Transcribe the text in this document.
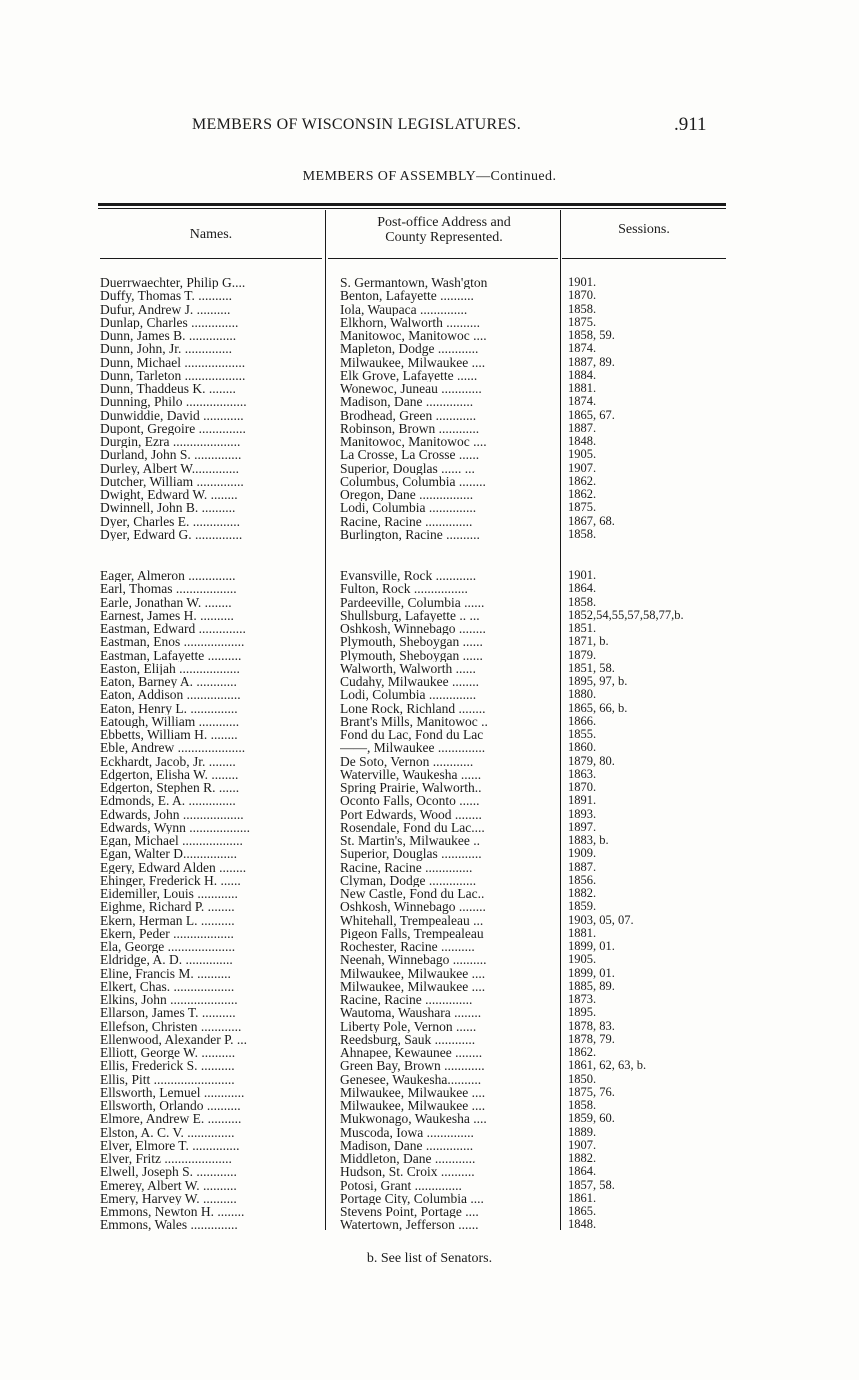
MEMBERS OF WISCONSIN LEGISLATURES.	.911
MEMBERS OF ASSEMBLY—Continued.
Names.
Post-office Address and
County Represented.
Sessions.
Duerrwaechter, Philip G....
Duffy, Thomas T. ..........
Dufur, Andrew J. ..........
Dunlap, Charles ..............
Dunn, James B. ..............
Dunn, John, Jr. ..............
Dunn, Michael ..................
Dunn, Tarleton ..................
Dunn, Thaddeus K. ........
Dunning, Philo ..................
Dunwiddie, David ............
Dupont, Gregoire ..............
Durgin, Ezra ....................
Durland, John S. ..............
Durley, Albert W..............
Dutcher, William ..............
Dwight, Edward W. ........
Dwinnell, John B. ..........
Dyer, Charles E. ..............
Dyer, Edward G. ..............
Eager, Almeron ..............
Earl, Thomas ..................
Earle, Jonathan W. ........
Earnest, James H. ..........
Eastman, Edward ..............
Eastman, Enos ..................
Eastman, Lafayette ..........
Easton, Elijah ..................
Eaton, Barney A. ............
Eaton, Addison ................
Eaton, Henry L. ..............
Eatough, William ............
Ebbetts, William H. ........
Eble, Andrew ....................
Eckhardt, Jacob, Jr. ........
Edgerton, Elisha W. ........
Edgerton, Stephen R. ......
Edmonds, E. A. ..............
Edwards, John ..................
Edwards, Wynn ..................
Egan, Michael ..................
Egan, Walter D................
Egery, Edward Alden ........
Ehinger, Frederick H. ......
Eidemiller, Louis ............
Eighme, Richard P. ........
Ekern, Herman L. ..........
Ekern, Peder ..................
Ela, George ....................
Eldridge, A. D. ..............
Eline, Francis M. ..........
Elkert, Chas. ..................
Elkins, John ....................
Ellarson, James T. ..........
Ellefson, Christen ............
Ellenwood, Alexander P. ...
Elliott, George W. ..........
Ellis, Frederick S. ..........
Ellis, Pitt ........................
Ellsworth, Lemuel ............
Ellsworth, Orlando ..........
Elmore, Andrew E. ..........
Elston, A. C. V. ..............
Elver, Elmore T. ..............
Elver, Fritz ....................
Elwell, Joseph S. ............
Emerey, Albert W. ..........
Emery, Harvey W. ..........
Emmons, Newton H. ........
Emmons, Wales ..............
S. Germantown, Wash'gton
Benton, Lafayette ..........
Iola, Waupaca ..............
Elkhorn, Walworth ..........
Manitowoc, Manitowoc ....
Mapleton, Dodge ............
Milwaukee, Milwaukee ....
Elk Grove, Lafayette ......
Wonewoc, Juneau ............
Madison, Dane ..............
Brodhead, Green ............
Robinson, Brown ............
Manitowoc, Manitowoc ....
La Crosse, La Crosse ......
Superior, Douglas ...... ...
Columbus, Columbia ........
Oregon, Dane ................
Lodi, Columbia ..............
Racine, Racine ..............
Burlington, Racine ..........
Evansville, Rock ............
Fulton, Rock ................
Pardeeville, Columbia ......
Shullsburg, Lafayette .. ...
Oshkosh, Winnebago ........
Plymouth, Sheboygan ......
Plymouth, Sheboygan ......
Walworth, Walworth ......
Cudahy, Milwaukee ........
Lodi, Columbia ..............
Lone Rock, Richland ........
Brant's Mills, Manitowoc ..
Fond du Lac, Fond du Lac
——, Milwaukee ..............
De Soto, Vernon ............
Waterville, Waukesha ......
Spring Prairie, Walworth..
Oconto Falls, Oconto ......
Port Edwards, Wood ........
Rosendale, Fond du Lac....
St. Martin's, Milwaukee ..
Superior, Douglas ............
Racine, Racine ..............
Clyman, Dodge ..............
New Castle, Fond du Lac..
Oshkosh, Winnebago ........
Whitehall, Trempealeau ...
Pigeon Falls, Trempealeau
Rochester, Racine ..........
Neenah, Winnebago ..........
Milwaukee, Milwaukee ....
Milwaukee, Milwaukee ....
Racine, Racine ..............
Wautoma, Waushara ........
Liberty Pole, Vernon ......
Reedsburg, Sauk ............
Ahnapee, Kewaunee ........
Green Bay, Brown ............
Genesee, Waukesha..........
Milwaukee, Milwaukee ....
Milwaukee, Milwaukee ....
Mukwonago, Waukesha ....
Muscoda, Iowa ..............
Madison, Dane ..............
Middleton, Dane ............
Hudson, St. Croix ..........
Potosi, Grant ..............
Portage City, Columbia ....
Stevens Point, Portage ....
Watertown, Jefferson ......
1901.
1870.
1858.
1875.
1858, 59.
1874.
1887, 89.
1884.
1881.
1874.
1865, 67.
1887.
1848.
1905.
1907.
1862.
1862.
1875.
1867, 68.
1858.
1901.
1864.
1858.
1852,54,55,57,58,77,b.
1851.
1871, b.
1879.
1851, 58.
1895, 97, b.
1880.
1865, 66, b.
1866.
1855.
1860.
1879, 80.
1863.
1870.
1891.
1893.
1897.
1883, b.
1909.
1887.
1856.
1882.
1859.
1903, 05, 07.
1881.
1899, 01.
1905.
1899, 01.
1885, 89.
1873.
1895.
1878, 83.
1878, 79.
1862.
1861, 62, 63, b.
1850.
1875, 76.
1858.
1859, 60.
1889.
1907.
1882.
1864.
1857, 58.
1861.
1865.
1848.
b. See list of Senators.
